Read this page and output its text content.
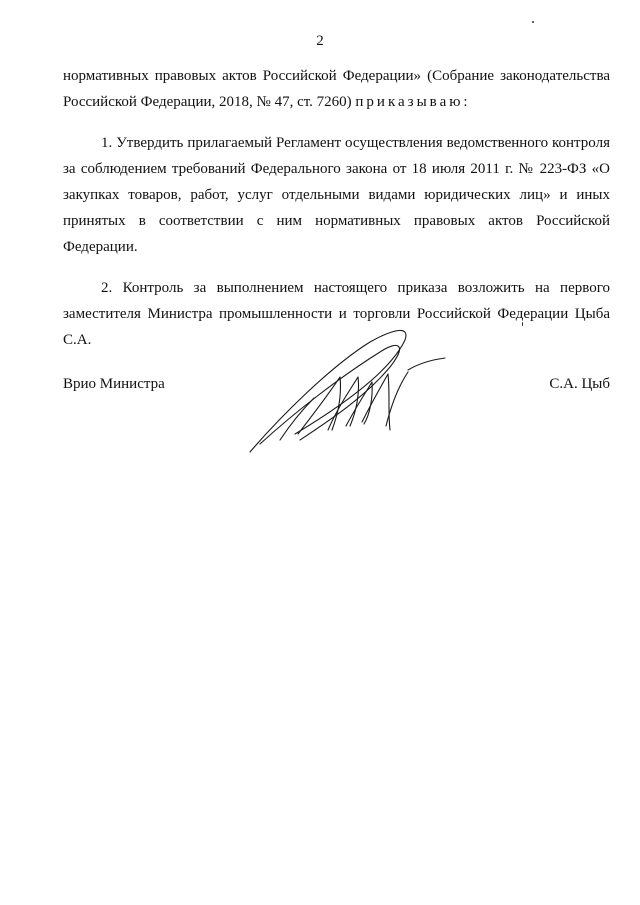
2

нормативных правовых актов Российской Федерации» (Собрание законодательства Российской Федерации, 2018, № 47, ст. 7260) приказываю:

1. Утвердить прилагаемый Регламент осуществления ведомственного контроля за соблюдением требований Федерального закона от 18 июля 2011 г. № 223-ФЗ «О закупках товаров, работ, услуг отдельными видами юридических лиц» и иных принятых в соответствии с ним нормативных правовых актов Российской Федерации.

2. Контроль за выполнением настоящего приказа возложить на первого заместителя Министра промышленности и торговли Российской Федерации Цыба С.А.

Врио Министра	С.А. Цыб
